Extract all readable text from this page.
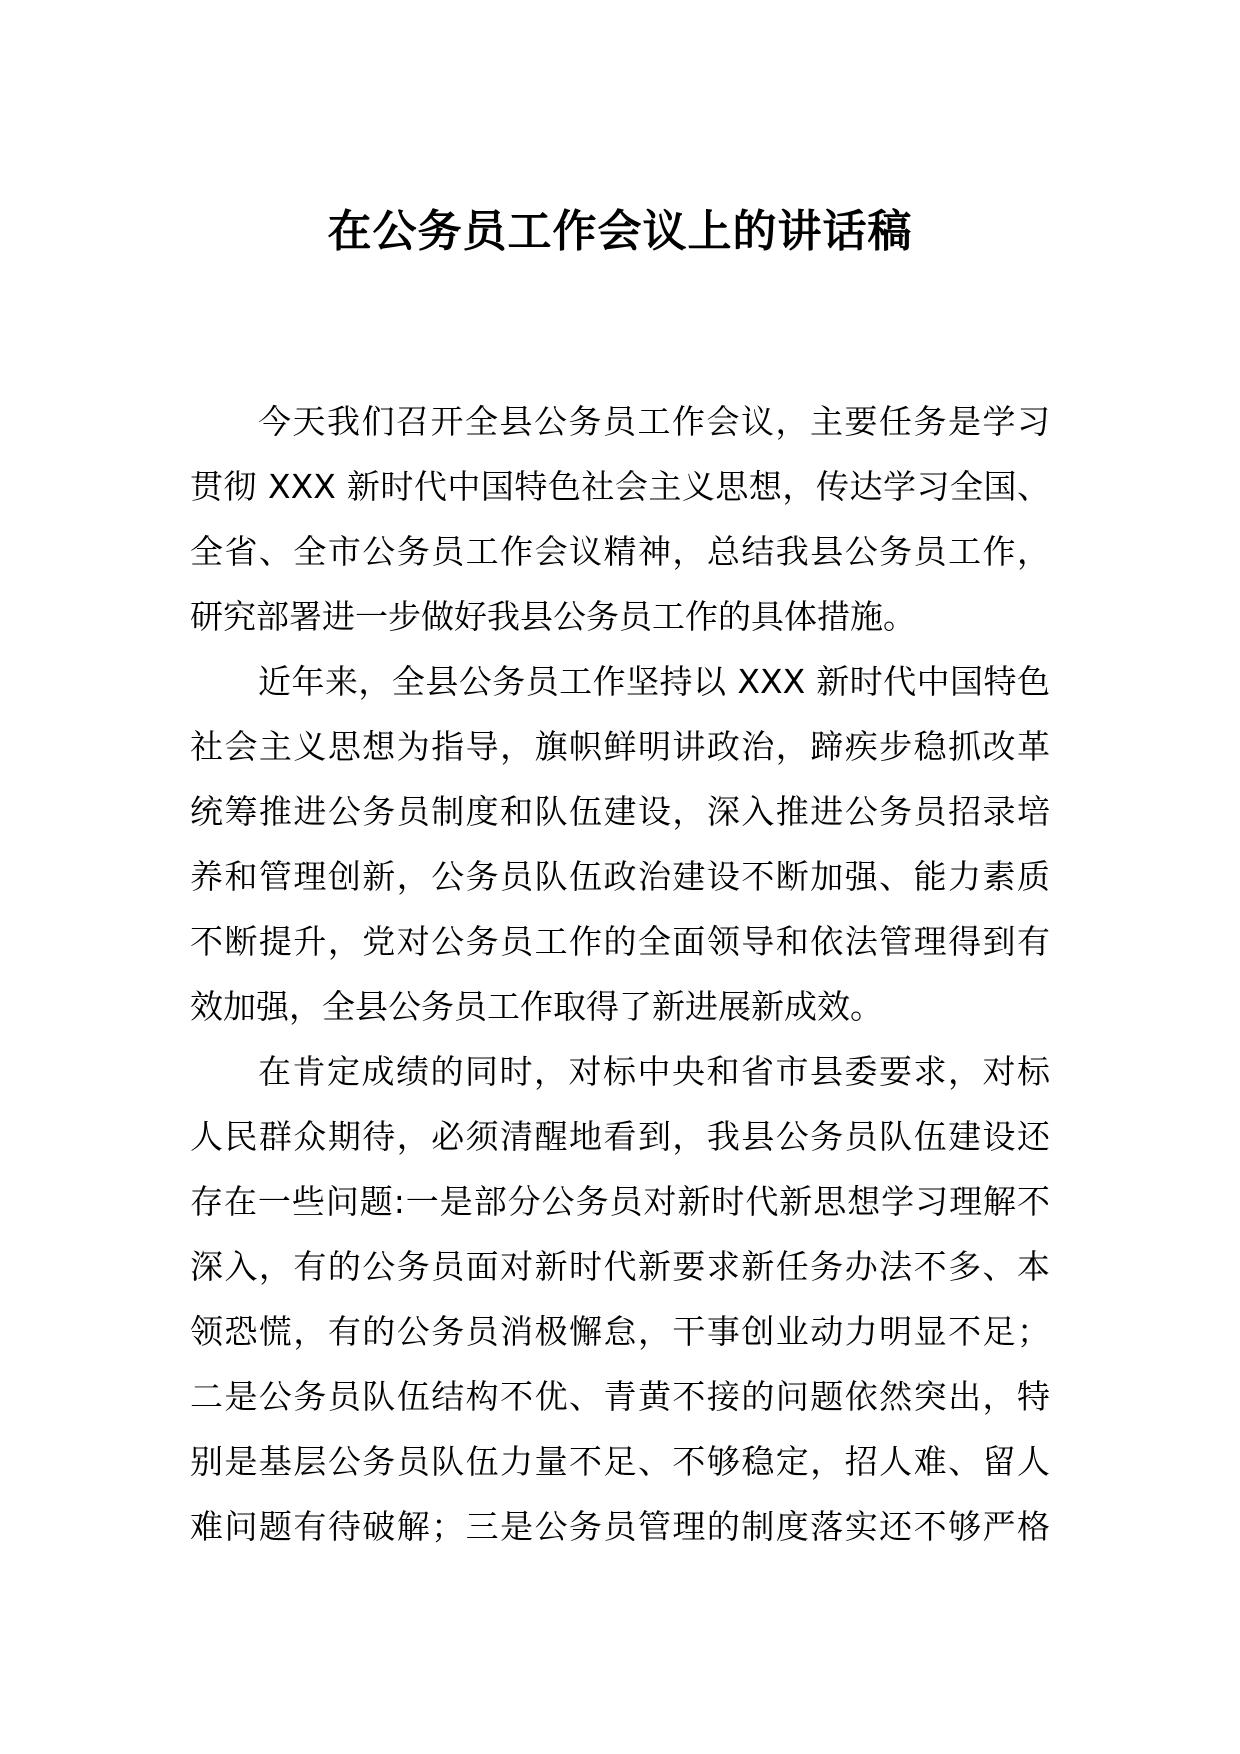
在公务员工作会议上的讲话稿
今天我们召开全县公务员工作会议，主要任务是学习
贯彻 XXX 新时代中国特色社会主义思想，传达学习全国、
全省、全市公务员工作会议精神，总结我县公务员工作，
研究部署进一步做好我县公务员工作的具体措施。
近年来，全县公务员工作坚持以 XXX 新时代中国特色
社会主义思想为指导，旗帜鲜明讲政治，蹄疾步稳抓改革
统筹推进公务员制度和队伍建设，深入推进公务员招录培
养和管理创新，公务员队伍政治建设不断加强、能力素质
不断提升，党对公务员工作的全面领导和依法管理得到有
效加强，全县公务员工作取得了新进展新成效。
在肯定成绩的同时，对标中央和省市县委要求，对标
人民群众期待，必须清醒地看到，我县公务员队伍建设还
存在一些问题:一是部分公务员对新时代新思想学习理解不
深入，有的公务员面对新时代新要求新任务办法不多、本
领恐慌，有的公务员消极懈怠，干事创业动力明显不足；
二是公务员队伍结构不优、青黄不接的问题依然突出，特
别是基层公务员队伍力量不足、不够稳定，招人难、留人
难问题有待破解；三是公务员管理的制度落实还不够严格
